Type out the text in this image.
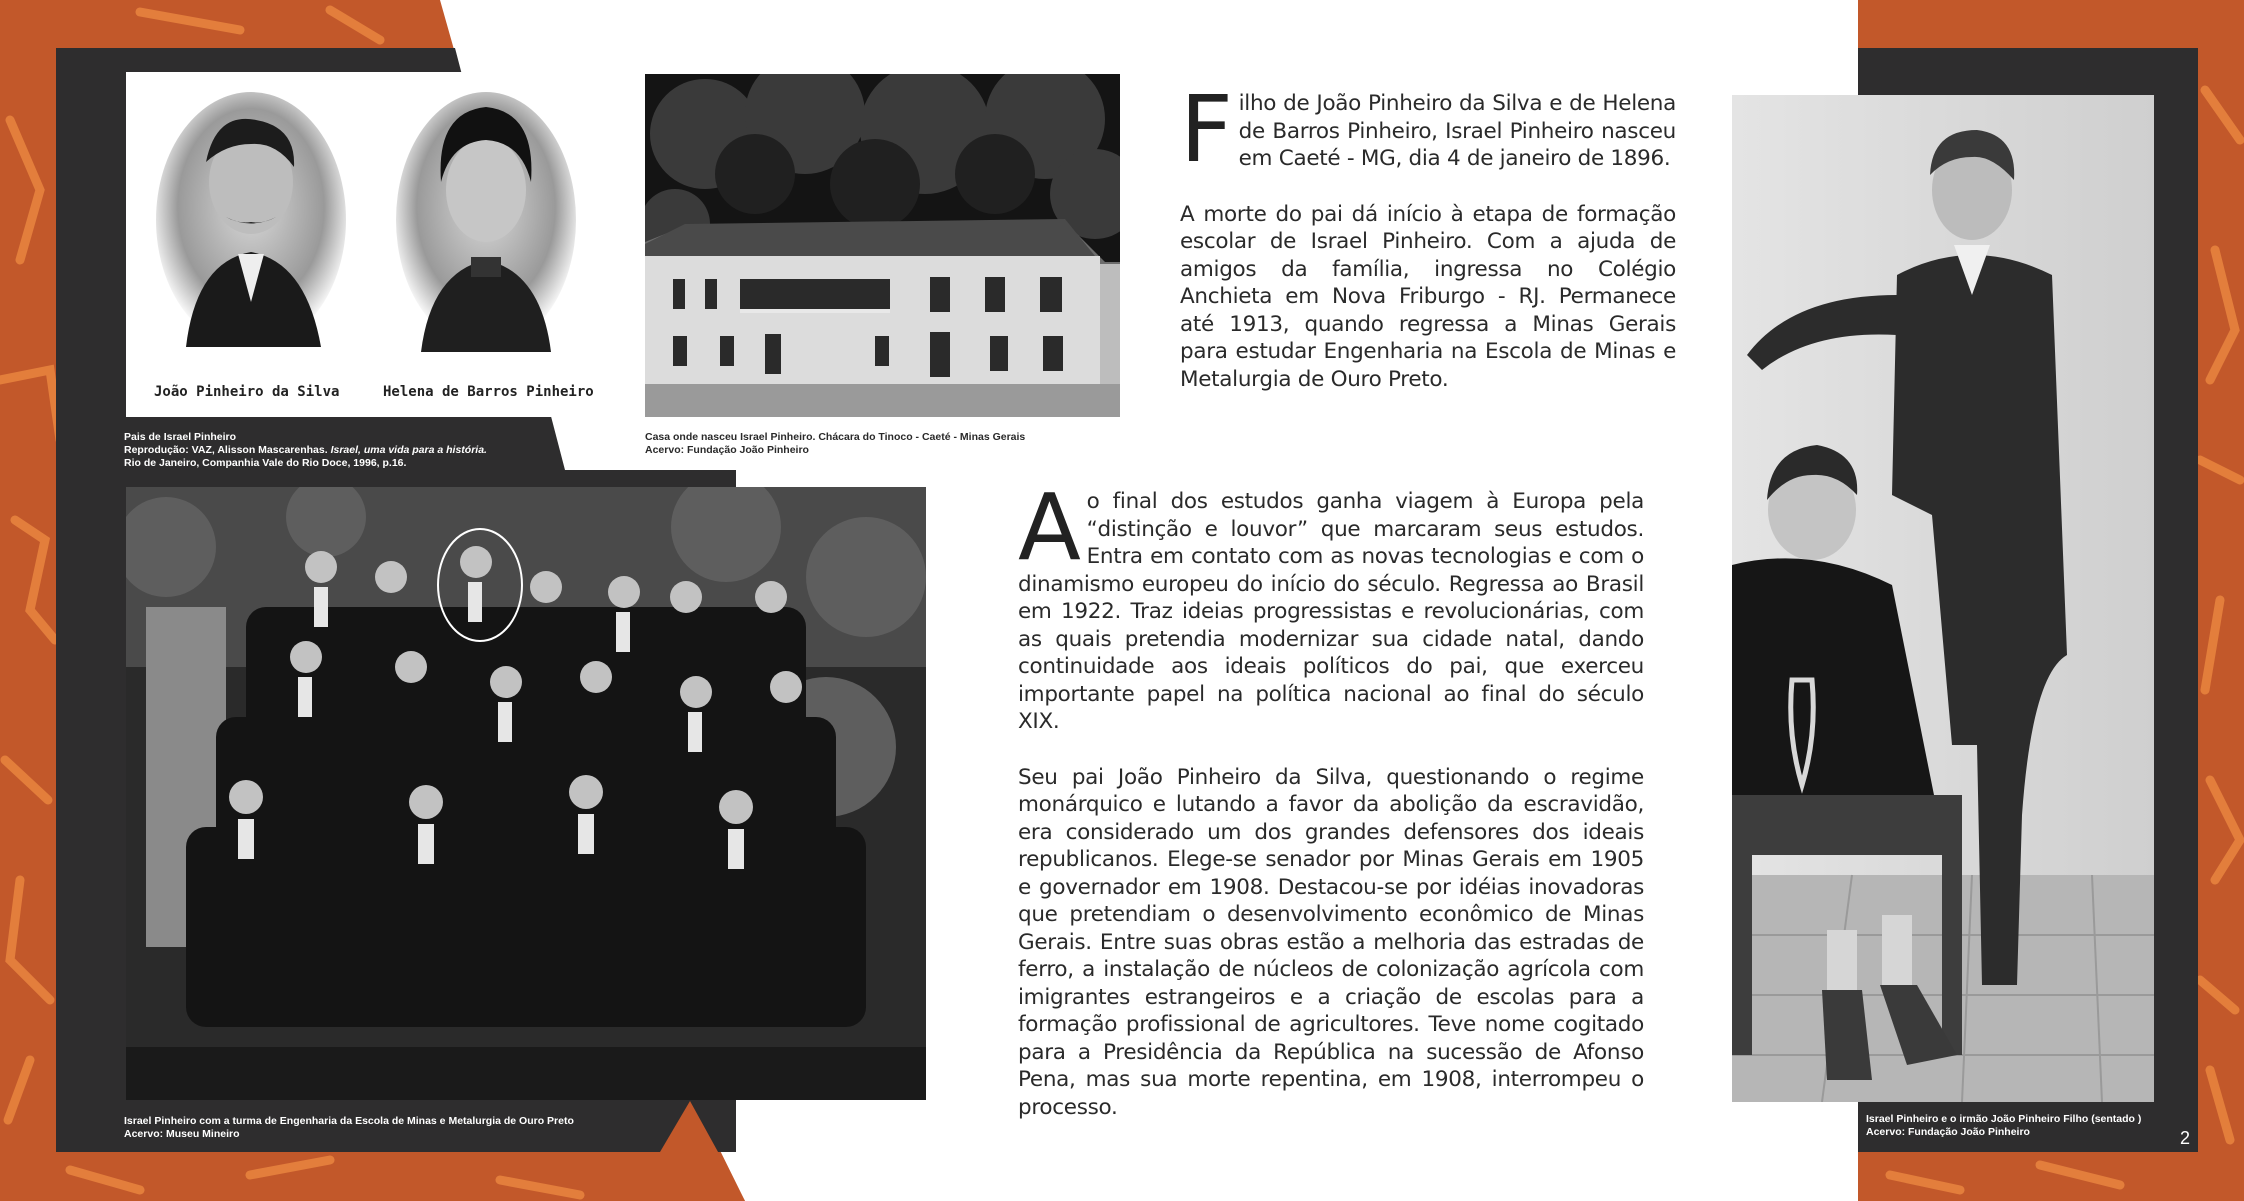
João Pinheiro da Silva	Helena de Barros Pinheiro
Pais de Israel Pinheiro
Reprodução: VAZ, Alisson Mascarenhas. Israel, uma vida para a história.
Rio de Janeiro, Companhia Vale do Rio Doce, 1996, p.16.
Casa onde nasceu Israel Pinheiro. Chácara do Tinoco - Caeté - Minas Gerais
Acervo: Fundação João Pinheiro
Israel Pinheiro com a turma de Engenharia da Escola de Minas e Metalurgia de Ouro Preto
Acervo: Museu Mineiro
Israel Pinheiro e o irmão João Pinheiro Filho (sentado )
Acervo: Fundação João Pinheiro

Filho de João Pinheiro da Silva e de Helena de Barros Pinheiro, Israel Pinheiro nasceu em Caeté - MG, dia 4 de janeiro de 1896.

A morte do pai dá início à etapa de formação escolar de Israel Pinheiro. Com a ajuda de amigos da família, ingressa no Colégio Anchieta em Nova Friburgo - RJ. Permanece até 1913, quando regressa a Minas Gerais para estudar Engenharia na Escola de Minas e Metalurgia de Ouro Preto.

Ao final dos estudos ganha viagem à Europa pela “distinção e louvor” que marcaram seus estudos. Entra em contato com as novas tecnologias e com o dinamismo europeu do início do século. Regressa ao Brasil em 1922. Traz ideias progressistas e revolucionárias, com as quais pretendia modernizar sua cidade natal, dando continuidade aos ideais políticos do pai, que exerceu importante papel na política nacional ao final do século XIX.

Seu pai João Pinheiro da Silva, questionando o regime monárquico e lutando a favor da abolição da escravidão, era considerado um dos grandes defensores dos ideais republicanos. Elege-se senador por Minas Gerais em 1905 e governador em 1908. Destacou-se por idéias inovadoras que pretendiam o desenvolvimento econômico de Minas Gerais. Entre suas obras estão a melhoria das estradas de ferro, a instalação de núcleos de colonização agrícola com imigrantes estrangeiros e a criação de escolas para a formação profissional de agricultores. Teve nome cogitado para a Presidência da República na sucessão de Afonso Pena, mas sua morte repentina, em 1908, interrompeu o processo.

2
